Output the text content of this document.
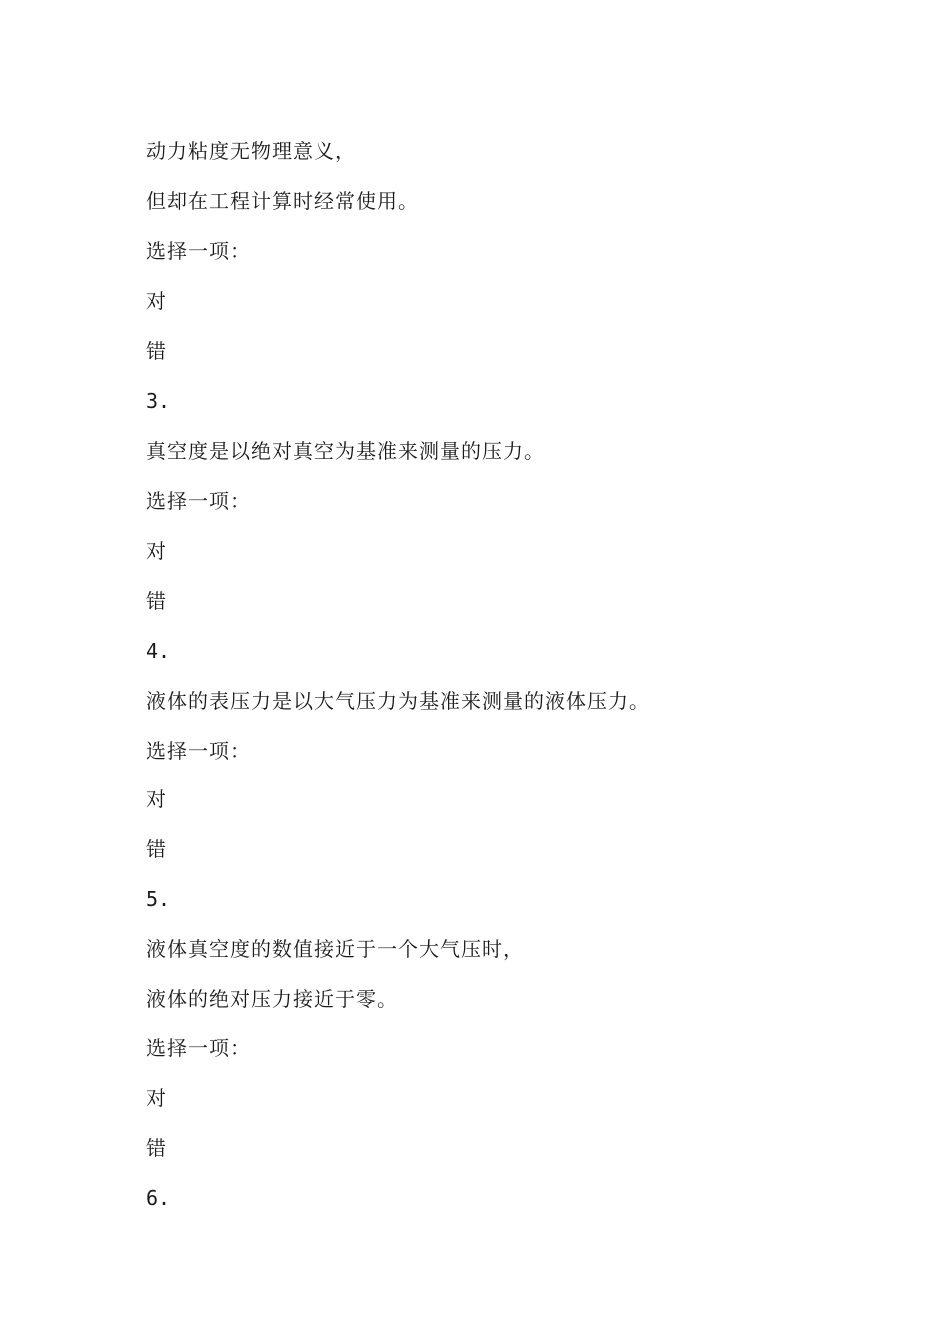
动力粘度无物理意义，
但却在工程计算时经常使用。
选择一项：
对
错
3.
真空度是以绝对真空为基准来测量的压力。
选择一项：
对
错
4.
液体的表压力是以大气压力为基准来测量的液体压力。
选择一项：
对
错
5.
液体真空度的数值接近于一个大气压时，
液体的绝对压力接近于零。
选择一项：
对
错
6.
